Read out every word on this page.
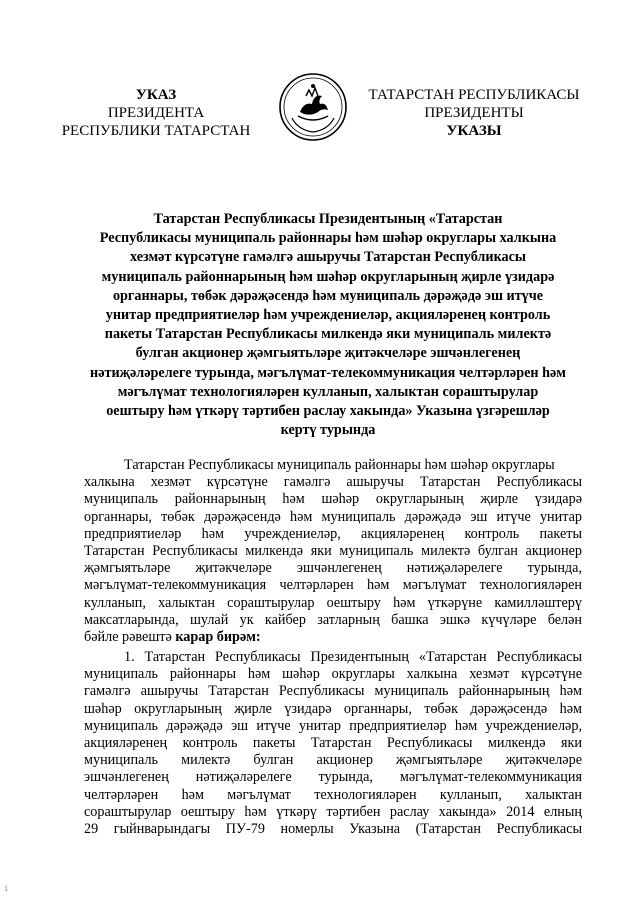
УКАЗ
ПРЕЗИДЕНТА
РЕСПУБЛИКИ ТАТАРСТАН
ТАТАРСТАН РЕСПУБЛИКАСЫ
ПРЕЗИДЕНТЫ
УКАЗЫ
Татарстан Республикасы Президентының «Татарстан
Республикасы муниципаль районнары һәм шәһәр округлары халкына
хезмәт күрсәтүне гамәлгә ашыручы Татарстан Республикасы
муниципаль районнарының һәм шәһәр округларының җирле үзидарә
органнары, төбәк дәрәҗәсендә һәм муниципаль дәрәҗәдә эш итүче
унитар предприятиеләр һәм учреждениеләр, акцияләренең контроль
пакеты Татарстан Республикасы милкендә яки муниципаль милектә
булган акционер җәмгыятьләре җитәкчеләре эшчәнлегенең
нәтиҗәләрелеге турында, мәгълүмат-телекоммуникация челтәрләрен һәм
мәгълүмат технологияләрен кулланып, халыктан сораштырулар
оештыру һәм үткәрү тәртибен раслау хакында» Указына үзгәрешләр
кертү турында
Татарстан Республикасы муниципаль районнары һәм шәһәр округлары
халкына хезмәт күрсәтүне гамәлгә ашыручы Татарстан Республикасы
муниципаль районнарының һәм шәһәр округларының җирле үзидарә
органнары, төбәк дәрәҗәсендә һәм муниципаль дәрәҗәдә эш итүче унитар
предприятиеләр һәм учреждениеләр, акцияләренең контроль пакеты
Татарстан Республикасы милкендә яки муниципаль милектә булган акционер
җәмгыятьләре җитәкчеләре эшчәнлегенең нәтиҗәләрелеге турында,
мәгълүмат-телекоммуникация челтәрләрен һәм мәгълүмат технологияләрен
кулланып, халыктан сораштырулар оештыру һәм үткәрүне камилләштерү
максатларында, шулай ук кайбер затларның башка эшкә күчүләре белән
бәйле рәвештә карар бирәм:
1. Татарстан Республикасы Президентының «Татарстан Республикасы
муниципаль районнары һәм шәһәр округлары халкына хезмәт күрсәтүне
гамәлгә ашыручы Татарстан Республикасы муниципаль районнарының һәм
шәһәр округларының җирле үзидарә органнары, төбәк дәрәҗәсендә һәм
муниципаль дәрәҗәдә эш итүче унитар предприятиеләр һәм учреждениеләр,
акцияләренең контроль пакеты Татарстан Республикасы милкендә яки
муниципаль милектә булган акционер җәмгыятьләре җитәкчеләре
эшчәнлегенең нәтиҗәләрелеге турында, мәгълүмат-телекоммуникация
челтәрләрен һәм мәгълүмат технологияләрен кулланып, халыктан
сораштырулар оештыру һәм үткәрү тәртибен раслау хакында» 2014 елның
29 гыйнварындагы ПУ-79 номерлы Указына (Татарстан Республикасы
1
